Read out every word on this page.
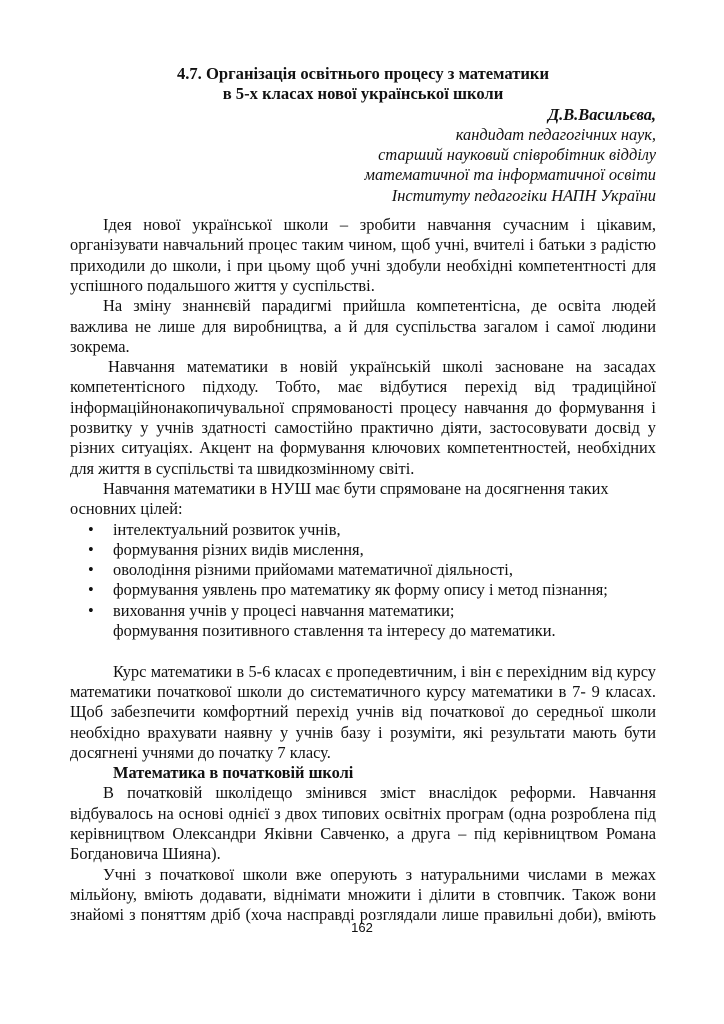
4.7. Організація освітнього процесу з математики
в 5-х класах нової української школи
Д.В.Васильєва,
кандидат педагогічних наук,
старший науковий співробітник відділу
математичної та інформатичної освіти
Інституту педагогіки НАПН України
Ідея нової української школи – зробити навчання сучасним і цікавим,
організувати навчальний процес таким чином, щоб учні, вчителі і батьки з радістю
приходили до школи, і при цьому щоб учні здобули необхідні компетентності для
успішного подальшого життя у суспільстві.
На зміну знаннєвій парадигмі прийшла компетентісна, де освіта людей
важлива не лише для виробництва, а й для суспільства загалом і самої людини
зокрема.
Навчання математики в новій українській школі засноване на засадах
компетентісного підходу. Тобто, має відбутися перехід від традиційної
інформаційнонакопичувальної спрямованості процесу навчання до формування і
розвитку у учнів здатності самостійно практично діяти, застосовувати досвід у
різних ситуаціях. Акцент на формування ключових компетентностей, необхідних
для життя в суспільстві та швидкозмінному світі.
Навчання математики в НУШ має бути спрямоване на досягнення таких
основних цілей:
• інтелектуальний розвиток учнів,
• формування різних видів мислення,
• оволодіння різними прийомами математичної діяльності,
• формування уявлень про математику як форму опису і метод пізнання;
• виховання учнів у процесі навчання математики;
формування позитивного ставлення та інтересу до математики.
Курс математики в 5-6 класах є пропедевтичним, і він є перехідним від курсу
математики початкової школи до систематичного курсу математики в 7- 9 класах.
Щоб забезпечити комфортний перехід учнів від початкової до середньої школи
необхідно врахувати наявну у учнів базу і розуміти, які результати мають бути
досягнені учнями до початку 7 класу.
Математика в початковій школі
В початковій школідещо змінився зміст внаслідок реформи. Навчання
відбувалось на основі однієї з двох типових освітніх програм (одна розроблена під
керівництвом Олександри Яківни Савченко, а друга – під керівництвом Романа
Богдановича Шияна).
Учні з початкової школи вже оперують з натуральними числами в межах
мільйону, вміють додавати, віднімати множити і ділити в стовпчик. Також вони
знайомі з поняттям дріб (хоча насправді розглядали лише правильні доби), вміють
162
